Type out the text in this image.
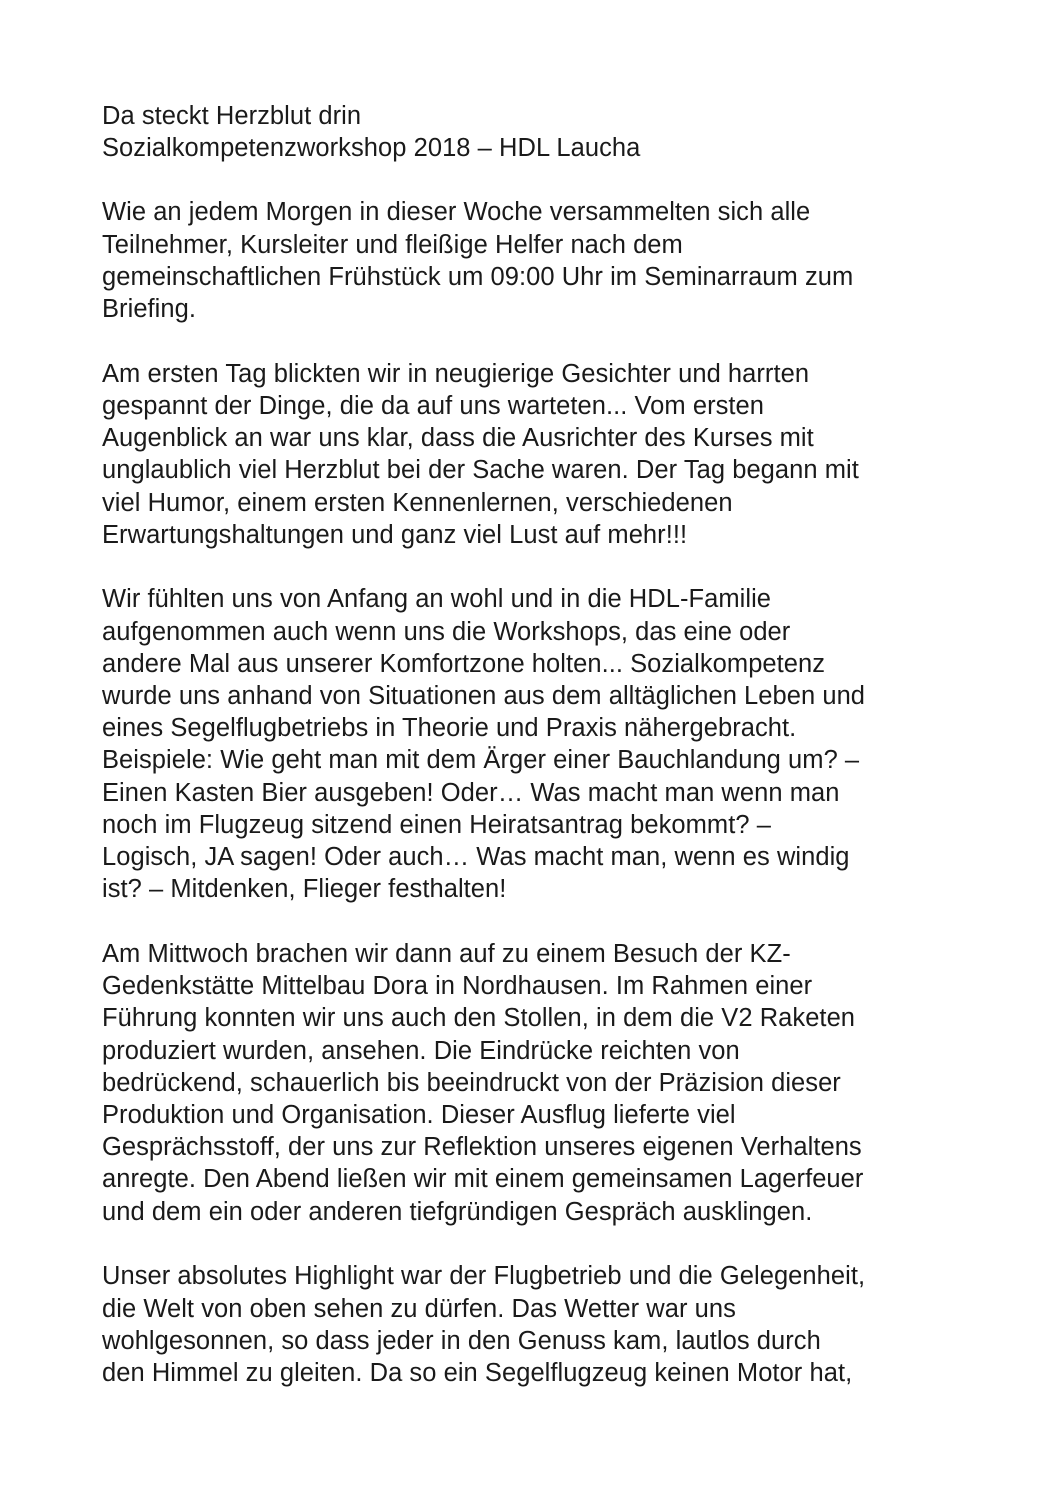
Da steckt Herzblut drin
Sozialkompetenzworkshop 2018 – HDL Laucha
Wie an jedem Morgen in dieser Woche versammelten sich alle
Teilnehmer, Kursleiter und fleißige Helfer nach dem
gemeinschaftlichen Frühstück um 09:00 Uhr im Seminarraum zum
Briefing.
Am ersten Tag blickten wir in neugierige Gesichter und harrten
gespannt der Dinge, die da auf uns warteten... Vom ersten
Augenblick an war uns klar, dass die Ausrichter des Kurses mit
unglaublich viel Herzblut bei der Sache waren. Der Tag begann mit
viel Humor, einem ersten Kennenlernen, verschiedenen
Erwartungshaltungen und ganz viel Lust auf mehr!!!
Wir fühlten uns von Anfang an wohl und in die HDL-Familie
aufgenommen auch wenn uns die Workshops, das eine oder
andere Mal aus unserer Komfortzone holten... Sozialkompetenz
wurde uns anhand von Situationen aus dem alltäglichen Leben und
eines Segelflugbetriebs in Theorie und Praxis nähergebracht.
Beispiele: Wie geht man mit dem Ärger einer Bauchlandung um? –
Einen Kasten Bier ausgeben! Oder… Was macht man wenn man
noch im Flugzeug sitzend einen Heiratsantrag bekommt? –
Logisch, JA sagen! Oder auch… Was macht man, wenn es windig
ist? – Mitdenken, Flieger festhalten!
Am Mittwoch brachen wir dann auf zu einem Besuch der KZ-
Gedenkstätte Mittelbau Dora in Nordhausen. Im Rahmen einer
Führung konnten wir uns auch den Stollen, in dem die V2 Raketen
produziert wurden, ansehen. Die Eindrücke reichten von
bedrückend, schauerlich bis beeindruckt von der Präzision dieser
Produktion und Organisation. Dieser Ausflug lieferte viel
Gesprächsstoff, der uns zur Reflektion unseres eigenen Verhaltens
anregte. Den Abend ließen wir mit einem gemeinsamen Lagerfeuer
und dem ein oder anderen tiefgründigen Gespräch ausklingen.
Unser absolutes Highlight war der Flugbetrieb und die Gelegenheit,
die Welt von oben sehen zu dürfen. Das Wetter war uns
wohlgesonnen, so dass jeder in den Genuss kam, lautlos durch
den Himmel zu gleiten. Da so ein Segelflugzeug keinen Motor hat,
